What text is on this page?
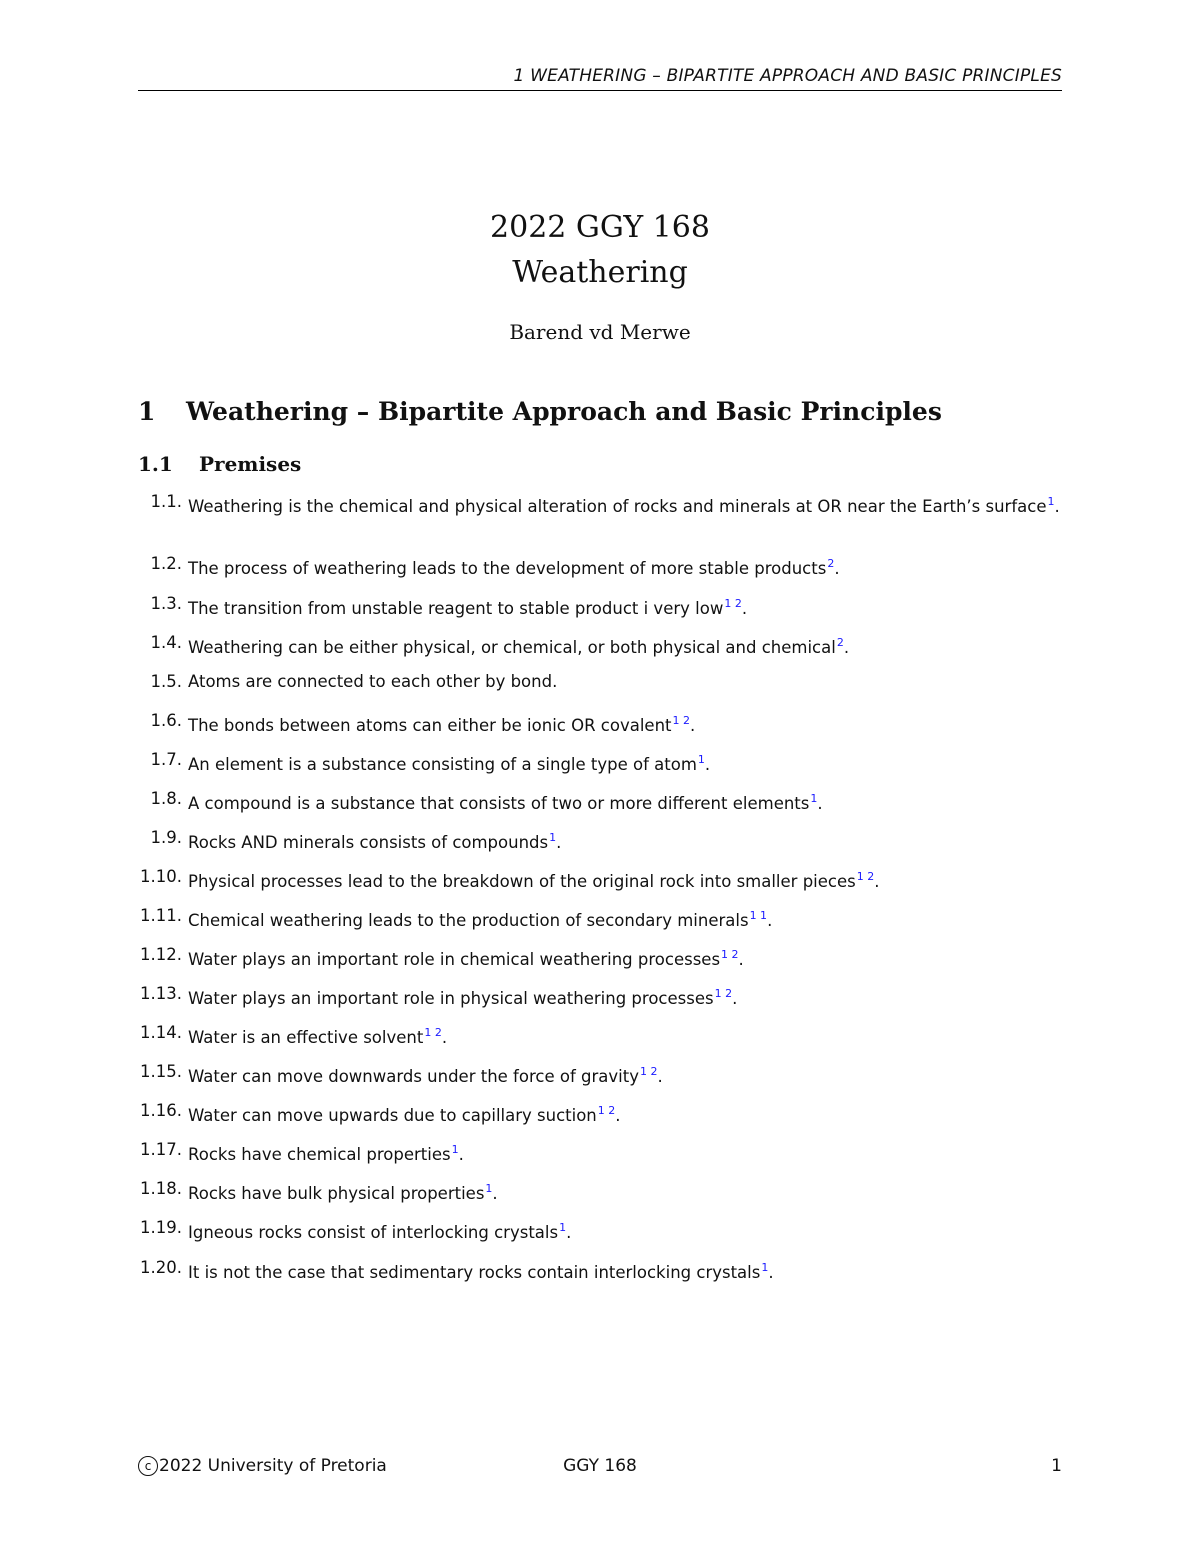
1 WEATHERING – BIPARTITE APPROACH AND BASIC PRINCIPLES
2022 GGY 168
Weathering
Barend vd Merwe
1 Weathering – Bipartite Approach and Basic Principles
1.1 Premises
1.1. Weathering is the chemical and physical alteration of rocks and minerals at OR near the Earth’s surface$^1$.
1.2. The process of weathering leads to the development of more stable products$^2$.
1.3. The transition from unstable reagent to stable product i very low$^{1 2}$.
1.4. Weathering can be either physical, or chemical, or both physical and chemical$^2$.
1.5. Atoms are connected to each other by bond.
1.6. The bonds between atoms can either be ionic OR covalent$^{1 2}$.
1.7. An element is a substance consisting of a single type of atom$^1$.
1.8. A compound is a substance that consists of two or more different elements$^1$.
1.9. Rocks AND minerals consists of compounds$^1$.
1.10. Physical processes lead to the breakdown of the original rock into smaller pieces$^{1 2}$.
1.11. Chemical weathering leads to the production of secondary minerals$^{1 1}$.
1.12. Water plays an important role in chemical weathering processes$^{1 2}$.
1.13. Water plays an important role in physical weathering processes$^{1 2}$.
1.14. Water is an effective solvent$^{1 2}$.
1.15. Water can move downwards under the force of gravity$^{1 2}$.
1.16. Water can move upwards due to capillary suction$^{1 2}$.
1.17. Rocks have chemical properties$^1$.
1.18. Rocks have bulk physical properties$^1$.
1.19. Igneous rocks consist of interlocking crystals$^1$.
1.20. It is not the case that sedimentary rocks contain interlocking crystals$^1$.
c 2022 University of Pretoria	GGY 168	1
